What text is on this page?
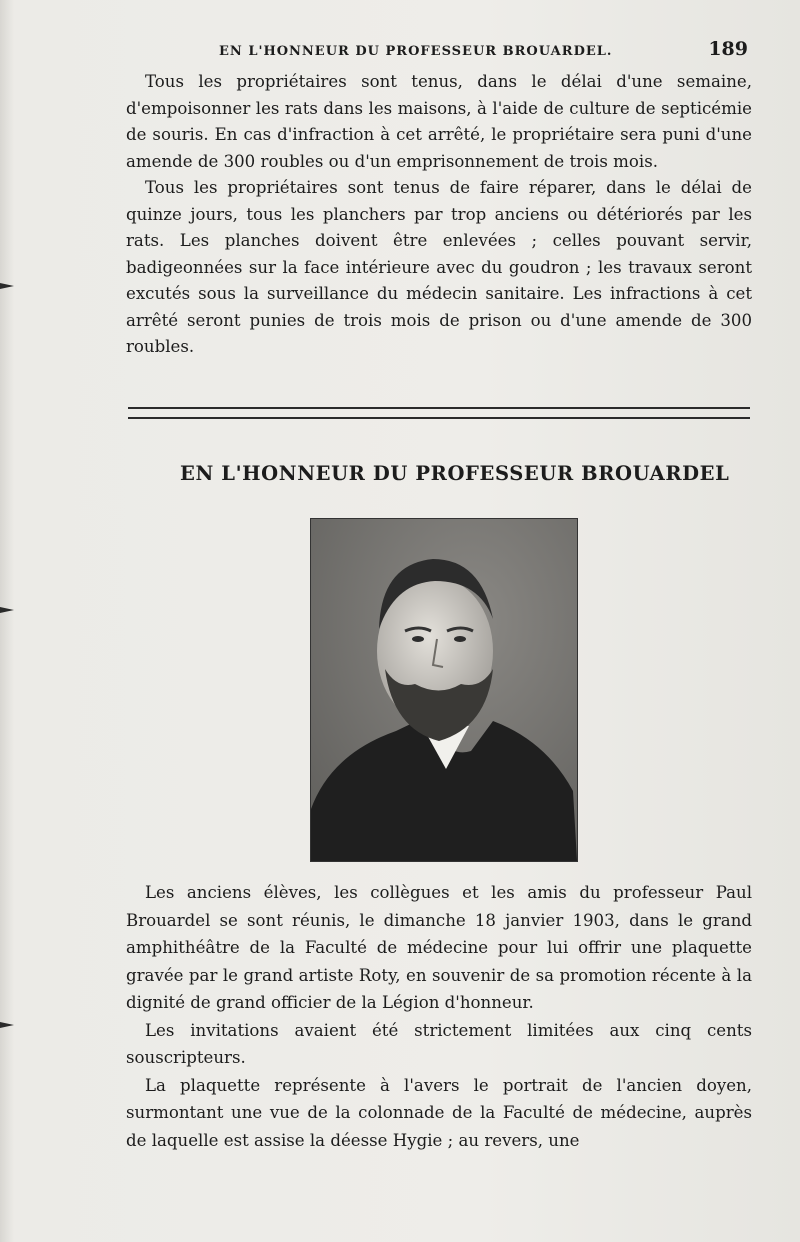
EN L'HONNEUR DU PROFESSEUR BROUARDEL.	189

Tous les propriétaires sont tenus, dans le délai d'une semaine, d'empoisonner les rats dans les maisons, à l'aide de culture de septicémie de souris. En cas d'infraction à cet arrêté, le propriétaire sera puni d'une amende de 300 roubles ou d'un emprisonnement de trois mois.

Tous les propriétaires sont tenus de faire réparer, dans le délai de quinze jours, tous les planchers par trop anciens ou détériorés par les rats. Les planches doivent être enlevées ; celles pouvant servir, badigeonnées sur la face intérieure avec du goudron ; les travaux seront excutés sous la surveillance du médecin sanitaire. Les infractions à cet arrêté seront punies de trois mois de prison ou d'une amende de 300 roubles.

EN L'HONNEUR DU PROFESSEUR BROUARDEL

Les anciens élèves, les collègues et les amis du professeur Paul Brouardel se sont réunis, le dimanche 18 janvier 1903, dans le grand amphithéâtre de la Faculté de médecine pour lui offrir une plaquette gravée par le grand artiste Roty, en souvenir de sa promotion récente à la dignité de grand officier de la Légion d'honneur.

Les invitations avaient été strictement limitées aux cinq cents souscripteurs.

La plaquette représente à l'avers le portrait de l'ancien doyen, surmontant une vue de la colonnade de la Faculté de médecine, auprès de laquelle est assise la déesse Hygie ; au revers, une
